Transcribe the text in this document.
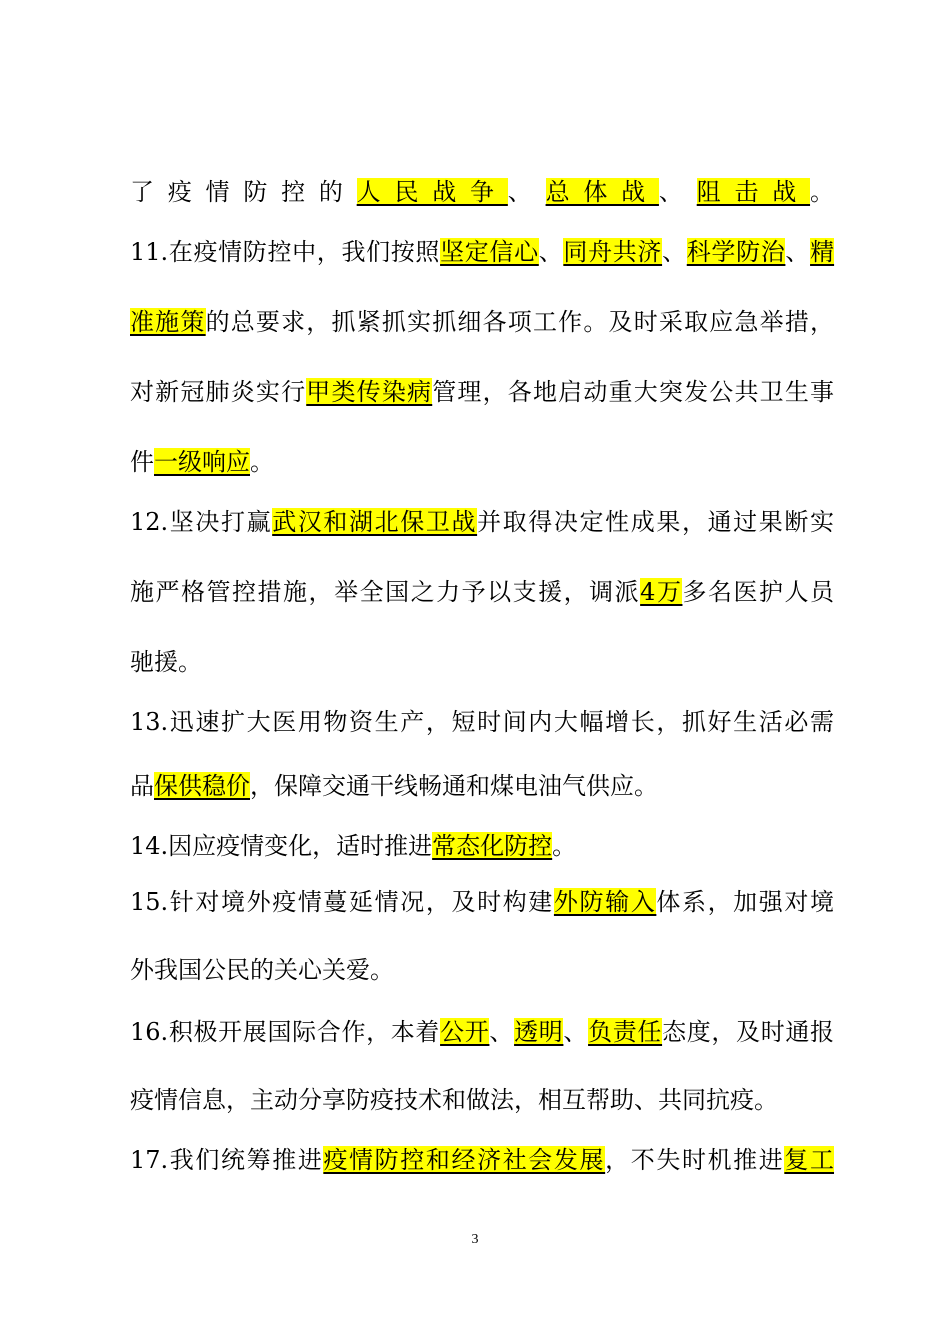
了疫情防控的人民战争、总体战、阻击战。
11.在疫情防控中，我们按照坚定信心、同舟共济、科学防治、精
准施策的总要求，抓紧抓实抓细各项工作。及时采取应急举措，
对新冠肺炎实行甲类传染病管理，各地启动重大突发公共卫生事
件一级响应。
12.坚决打赢武汉和湖北保卫战并取得决定性成果，通过果断实
施严格管控措施，举全国之力予以支援，调派4万多名医护人员
驰援。
13.迅速扩大医用物资生产，短时间内大幅增长，抓好生活必需
品保供稳价，保障交通干线畅通和煤电油气供应。
14.因应疫情变化，适时推进常态化防控。
15.针对境外疫情蔓延情况，及时构建外防输入体系，加强对境
外我国公民的关心关爱。
16.积极开展国际合作，本着公开、透明、负责任态度，及时通报
疫情信息，主动分享防疫技术和做法，相互帮助、共同抗疫。
17.我们统筹推进疫情防控和经济社会发展，不失时机推进复工
3
